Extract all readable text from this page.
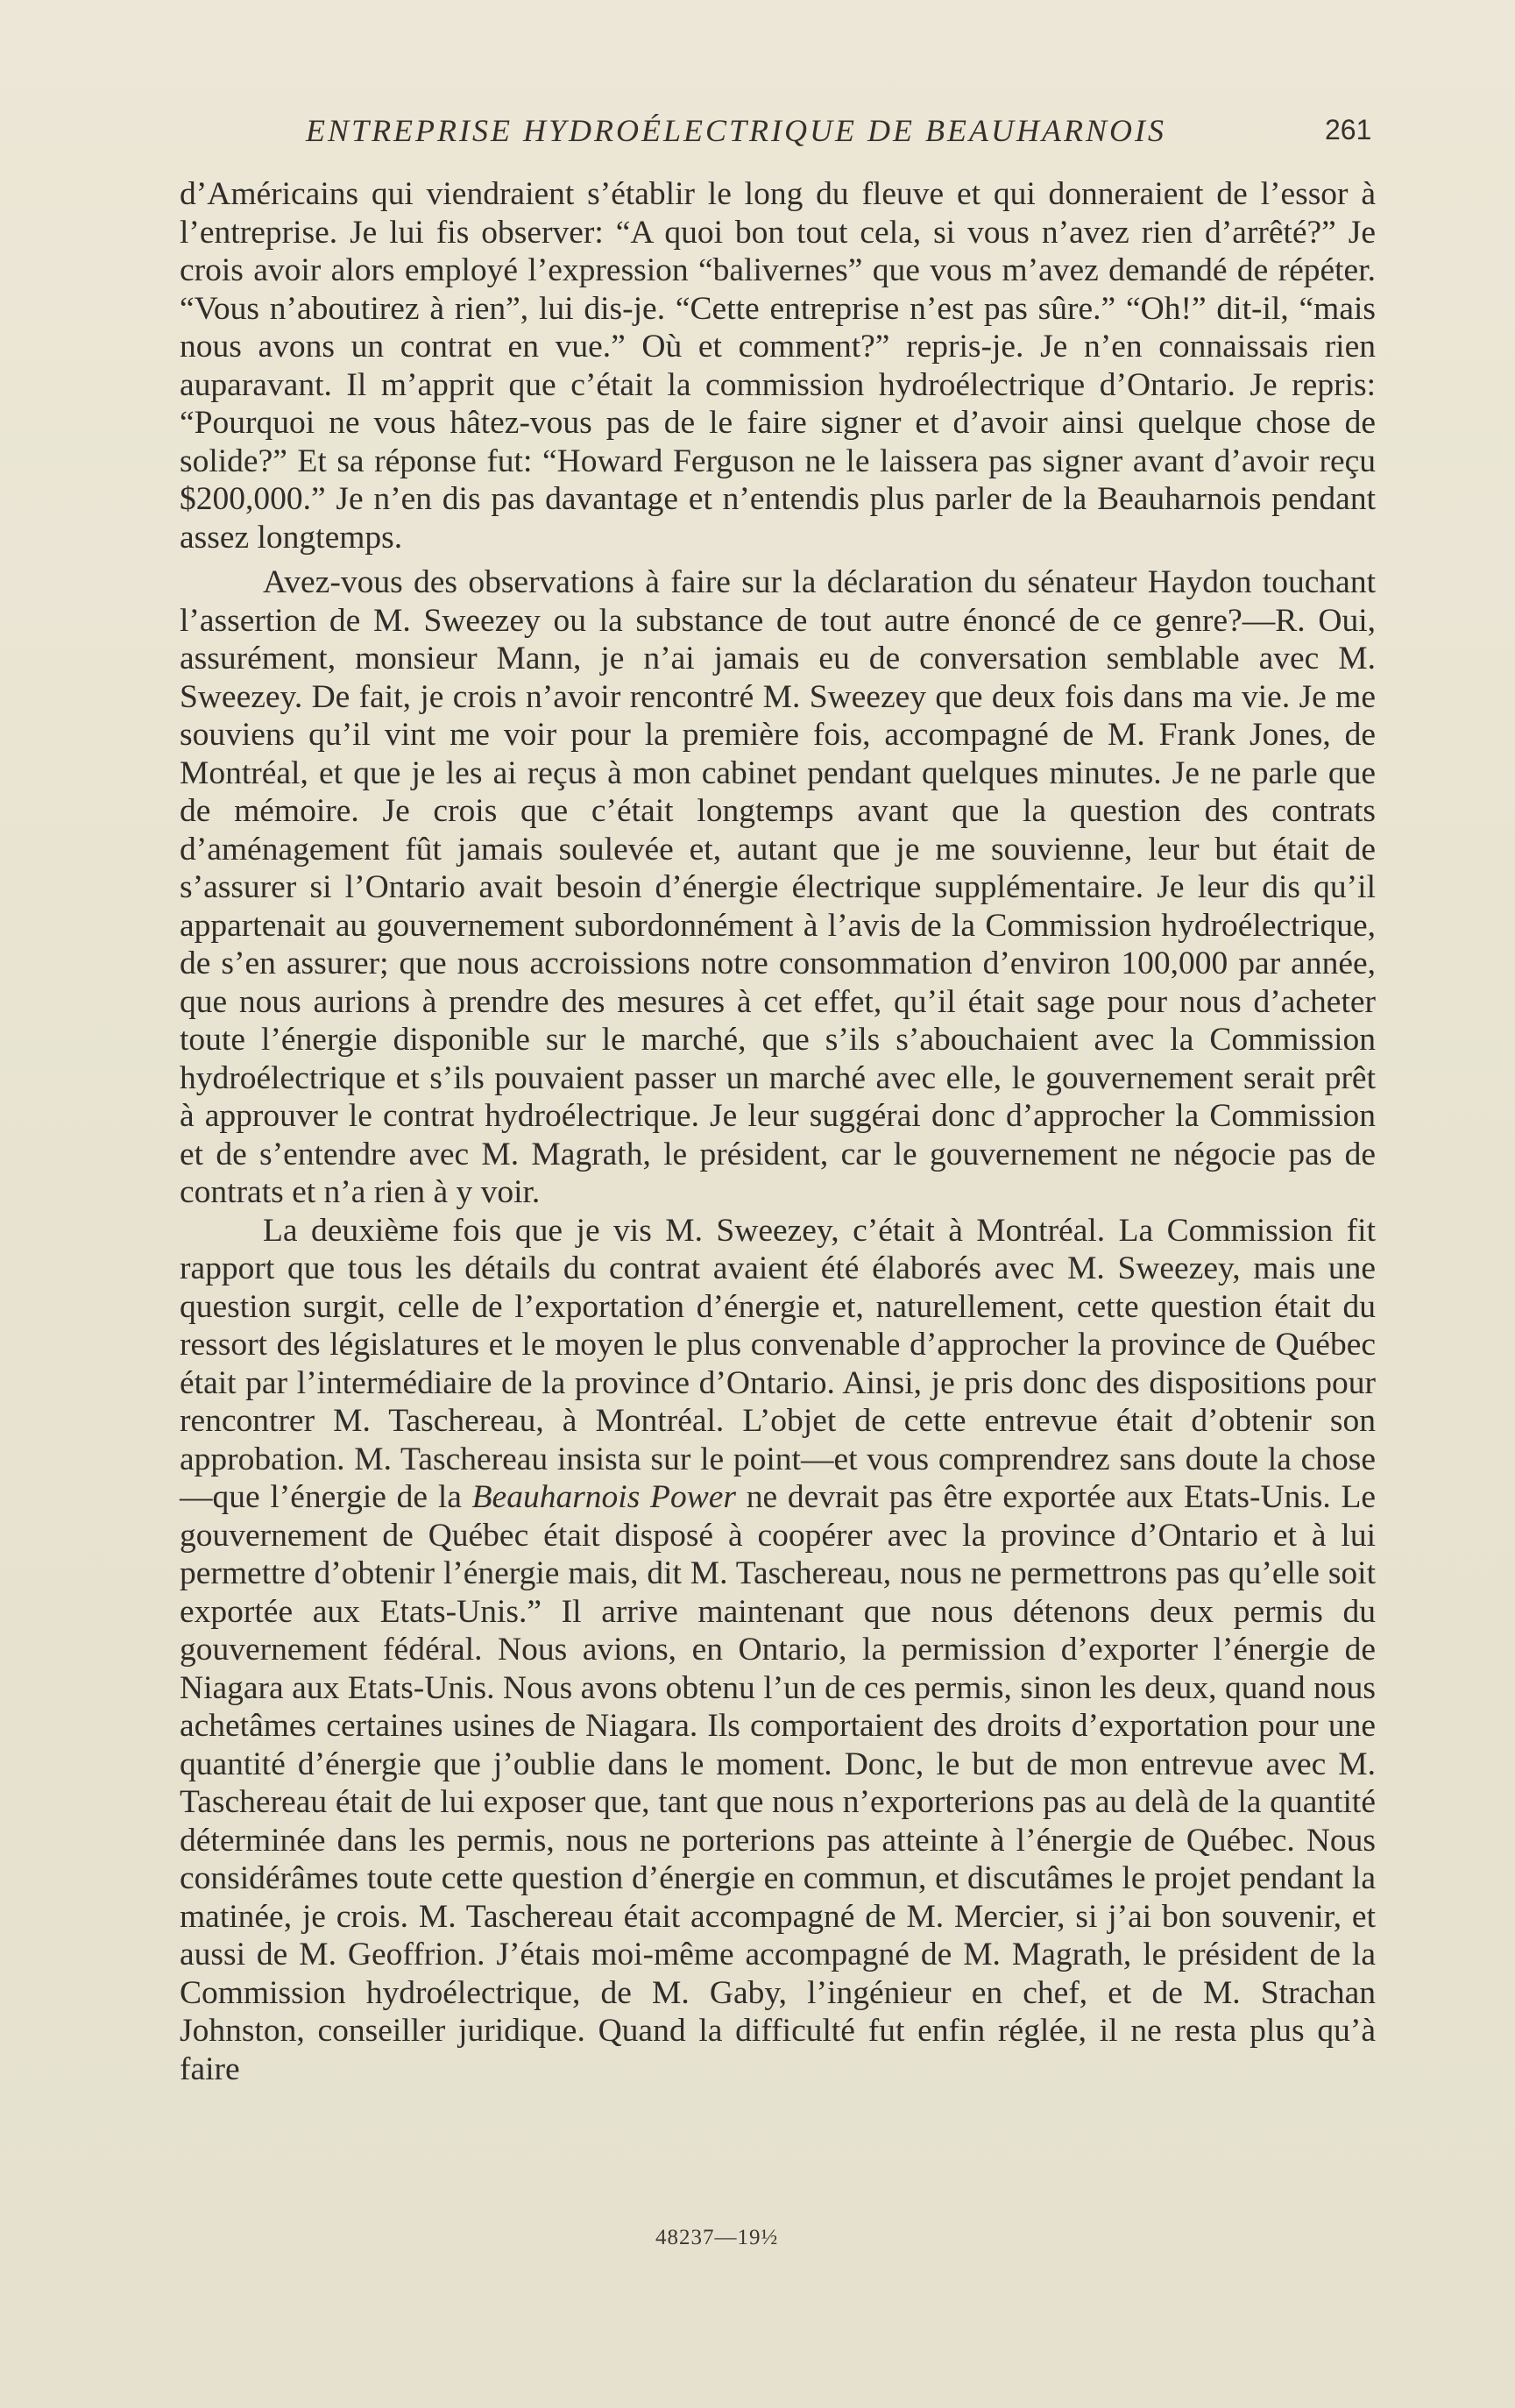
ENTREPRISE HYDROÉLECTRIQUE DE BEAUHARNOIS	261

d’Américains qui viendraient s’établir le long du fleuve et qui donneraient de l’essor à l’entreprise. Je lui fis observer: “A quoi bon tout cela, si vous n’avez rien d’arrêté?” Je crois avoir alors employé l’expression “balivernes” que vous m’avez demandé de répéter. “Vous n’aboutirez à rien”, lui dis-je. “Cette entreprise n’est pas sûre.” “Oh!” dit-il, “mais nous avons un contrat en vue.” Où et comment?” repris-je. Je n’en connaissais rien auparavant. Il m’apprit que c’était la commission hydroélectrique d’Ontario. Je repris: “Pourquoi ne vous hâtez-vous pas de le faire signer et d’avoir ainsi quelque chose de solide?” Et sa réponse fut: “Howard Ferguson ne le laissera pas signer avant d’avoir reçu $200,000.” Je n’en dis pas davantage et n’entendis plus parler de la Beauharnois pendant assez longtemps.

Avez-vous des observations à faire sur la déclaration du sénateur Haydon touchant l’assertion de M. Sweezey ou la substance de tout autre énoncé de ce genre?—R. Oui, assurément, monsieur Mann, je n’ai jamais eu de conversation semblable avec M. Sweezey. De fait, je crois n’avoir rencontré M. Sweezey que deux fois dans ma vie. Je me souviens qu’il vint me voir pour la première fois, accompagné de M. Frank Jones, de Montréal, et que je les ai reçus à mon cabinet pendant quelques minutes. Je ne parle que de mémoire. Je crois que c’était longtemps avant que la question des contrats d’aménagement fût jamais soulevée et, autant que je me souvienne, leur but était de s’assurer si l’Ontario avait besoin d’énergie électrique supplémentaire. Je leur dis qu’il appartenait au gouvernement subordonnément à l’avis de la Commission hydroélectrique, de s’en assurer; que nous accroissions notre consommation d’environ 100,000 par année, que nous aurions à prendre des mesures à cet effet, qu’il était sage pour nous d’acheter toute l’énergie disponible sur le marché, que s’ils s’abouchaient avec la Commission hydroélectrique et s’ils pouvaient passer un marché avec elle, le gouvernement serait prêt à approuver le contrat hydroélectrique. Je leur suggérai donc d’approcher la Commission et de s’entendre avec M. Magrath, le président, car le gouvernement ne négocie pas de contrats et n’a rien à y voir.

La deuxième fois que je vis M. Sweezey, c’était à Montréal. La Commission fit rapport que tous les détails du contrat avaient été élaborés avec M. Sweezey, mais une question surgit, celle de l’exportation d’énergie et, naturellement, cette question était du ressort des législatures et le moyen le plus convenable d’approcher la province de Québec était par l’intermédiaire de la province d’Ontario. Ainsi, je pris donc des dispositions pour rencontrer M. Taschereau, à Montréal. L’objet de cette entrevue était d’obtenir son approbation. M. Taschereau insista sur le point—et vous comprendrez sans doute la chose—que l’énergie de la Beauharnois Power ne devrait pas être exportée aux Etats-Unis. Le gouvernement de Québec était disposé à coopérer avec la province d’Ontario et à lui permettre d’obtenir l’énergie mais, dit M. Taschereau, nous ne permettrons pas qu’elle soit exportée aux Etats-Unis.” Il arrive maintenant que nous détenons deux permis du gouvernement fédéral. Nous avions, en Ontario, la permission d’exporter l’énergie de Niagara aux Etats-Unis. Nous avons obtenu l’un de ces permis, sinon les deux, quand nous achetâmes certaines usines de Niagara. Ils comportaient des droits d’exportation pour une quantité d’énergie que j’oublie dans le moment. Donc, le but de mon entrevue avec M. Taschereau était de lui exposer que, tant que nous n’exporterions pas au delà de la quantité déterminée dans les permis, nous ne porterions pas atteinte à l’énergie de Québec. Nous considérâmes toute cette question d’énergie en commun, et discutâmes le projet pendant la matinée, je crois. M. Taschereau était accompagné de M. Mercier, si j’ai bon souvenir, et aussi de M. Geoffrion. J’étais moi-même accompagné de M. Magrath, le président de la Commission hydroélectrique, de M. Gaby, l’ingénieur en chef, et de M. Strachan Johnston, conseiller juridique. Quand la difficulté fut enfin réglée, il ne resta plus qu’à faire

48237—19½
